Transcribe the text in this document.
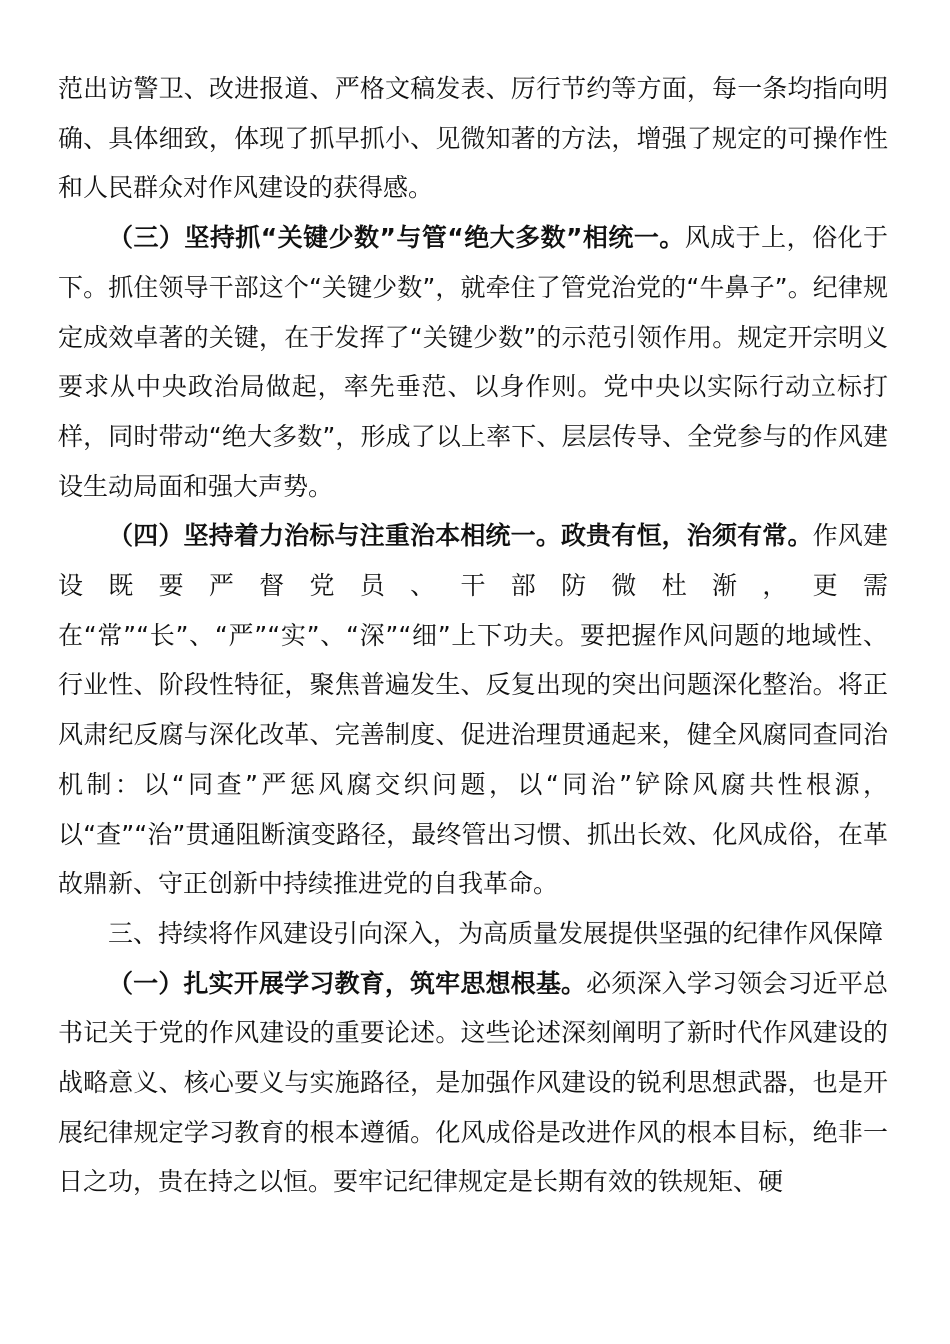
范出访警卫、改进报道、严格文稿发表、厉行节约等方面，每一条均指向明确、具体细致，体现了抓早抓小、见微知著的方法，增强了规定的可操作性和人民群众对作风建设的获得感。

（三）坚持抓“关键少数”与管“绝大多数”相统一。风成于上，俗化于下。抓住领导干部这个“关键少数”，就牵住了管党治党的“牛鼻子”。纪律规定成效卓著的关键，在于发挥了“关键少数”的示范引领作用。规定开宗明义要求从中央政治局做起，率先垂范、以身作则。党中央以实际行动立标打样，同时带动“绝大多数”，形成了以上率下、层层传导、全党参与的作风建设生动局面和强大声势。

（四）坚持着力治标与注重治本相统一。政贵有恒，治须有常。作风建设既要严督党员、干部防微杜渐，更需在“常”“长”、“严”“实”、“深”“细”上下功夫。要把握作风问题的地域性、行业性、阶段性特征，聚焦普遍发生、反复出现的突出问题深化整治。将正风肃纪反腐与深化改革、完善制度、促进治理贯通起来，健全风腐同查同治机制：以“同查”严惩风腐交织问题，以“同治”铲除风腐共性根源，以“查”“治”贯通阻断演变路径，最终管出习惯、抓出长效、化风成俗，在革故鼎新、守正创新中持续推进党的自我革命。

三、持续将作风建设引向深入，为高质量发展提供坚强的纪律作风保障

（一）扎实开展学习教育，筑牢思想根基。必须深入学习领会习近平总书记关于党的作风建设的重要论述。这些论述深刻阐明了新时代作风建设的战略意义、核心要义与实施路径，是加强作风建设的锐利思想武器，也是开展纪律规定学习教育的根本遵循。化风成俗是改进作风的根本目标，绝非一日之功，贵在持之以恒。要牢记纪律规定是长期有效的铁规矩、硬
